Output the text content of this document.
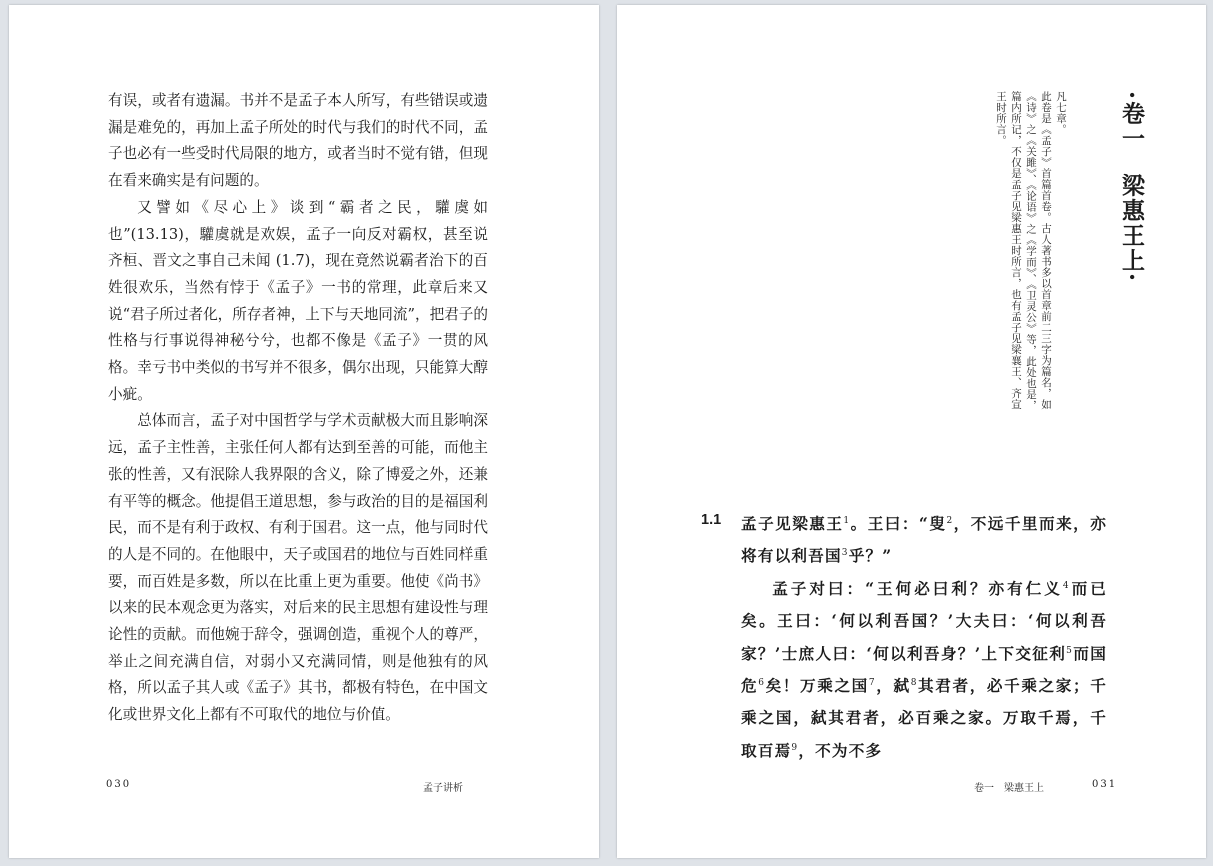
有误，或者有遗漏。书并不是孟子本人所写，有些错误或遗漏是难免的，再加上孟子所处的时代与我们的时代不同，孟子也必有一些受时代局限的地方，或者当时不觉有错，但现在看来确实是有问题的。

又譬如《尽心上》谈到“霸者之民，驩虞如也”(13.13)，驩虞就是欢娱，孟子一向反对霸权，甚至说齐桓、晋文之事自己未闻 (1.7)，现在竟然说霸者治下的百姓很欢乐，当然有悖于《孟子》一书的常理，此章后来又说“君子所过者化，所存者神，上下与天地同流”，把君子的性格与行事说得神秘兮兮，也都不像是《孟子》一贯的风格。幸亏书中类似的书写并不很多，偶尔出现，只能算大醇小疵。

总体而言，孟子对中国哲学与学术贡献极大而且影响深远，孟子主性善，主张任何人都有达到至善的可能，而他主张的性善，又有泯除人我界限的含义，除了博爱之外，还兼有平等的概念。他提倡王道思想，参与政治的目的是福国利民，而不是有利于政权、有利于国君。这一点，他与同时代的人是不同的。在他眼中，天子或国君的地位与百姓同样重要，而百姓是多数，所以在比重上更为重要。他使《尚书》以来的民本观念更为落实，对后来的民主思想有建设性与理论性的贡献。而他婉于辞令，强调创造，重视个人的尊严，举止之间充满自信，对弱小又充满同情，则是他独有的风格，所以孟子其人或《孟子》其书，都极有特色，在中国文化或世界文化上都有不可取代的地位与价值。

030	孟子讲析
·卷一梁惠王上·

凡七章。

此卷是《孟子》首篇首卷。古人著书多以首章前二三字为篇名，如《诗》之《关雎》、《论语》之《学而》、《卫灵公》等，此处也是，篇内所记，不仅是孟子见梁惠王时所言，也有孟子见梁襄王、齐宣王时所言。

1.1 孟子见梁惠王$^1$。王曰：“叟$^2$，不远千里而来，亦将有以利吾国$^3$乎？”

孟子对曰：“王何必曰利？亦有仁义$^4$而已矣。王曰：‘何以利吾国？’大夫曰：‘何以利吾家？’士庶人曰：‘何以利吾身？’上下交征利$^5$而国危$^6$矣！万乘之国$^7$，弑$^8$其君者，必千乘之家；千乘之国，弑其君者，必百乘之家。万取千焉，千取百焉$^9$，不为不多

卷一　梁惠王上	031
